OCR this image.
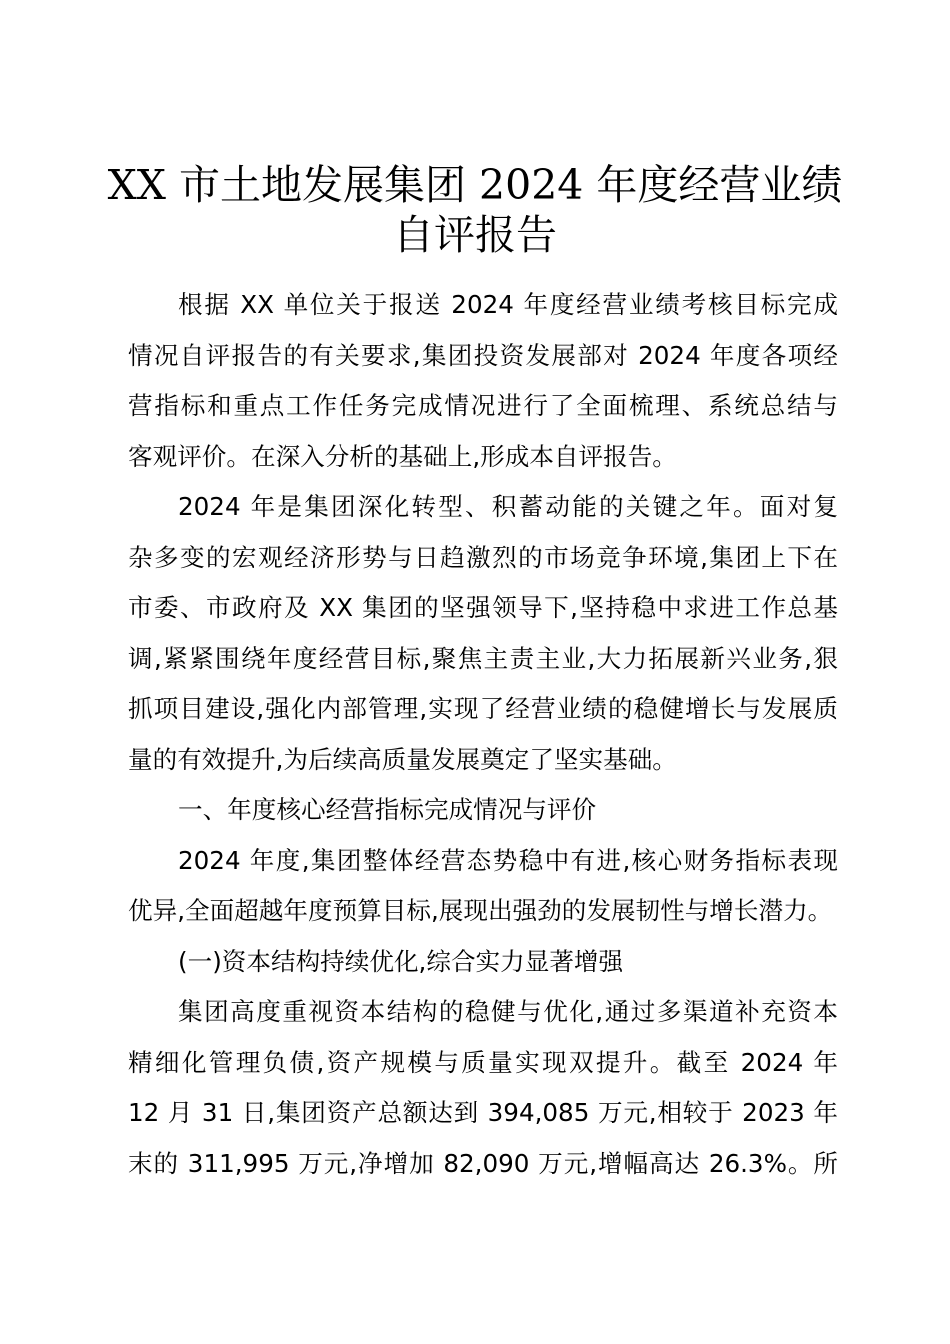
XX 市土地发展集团 2024 年度经营业绩
自评报告
根据 XX 单位关于报送 2024 年度经营业绩考核目标完成
情况自评报告的有关要求,集团投资发展部对 2024 年度各项经
营指标和重点工作任务完成情况进行了全面梳理、系统总结与
客观评价。在深入分析的基础上,形成本自评报告。
2024 年是集团深化转型、积蓄动能的关键之年。面对复
杂多变的宏观经济形势与日趋激烈的市场竞争环境,集团上下在
市委、市政府及 XX 集团的坚强领导下,坚持稳中求进工作总基
调,紧紧围绕年度经营目标,聚焦主责主业,大力拓展新兴业务,狠
抓项目建设,强化内部管理,实现了经营业绩的稳健增长与发展质
量的有效提升,为后续高质量发展奠定了坚实基础。
一、年度核心经营指标完成情况与评价
2024 年度,集团整体经营态势稳中有进,核心财务指标表现
优异,全面超越年度预算目标,展现出强劲的发展韧性与增长潜力。
(一)资本结构持续优化,综合实力显著增强
集团高度重视资本结构的稳健与优化,通过多渠道补充资本
精细化管理负债,资产规模与质量实现双提升。截至 2024 年
12 月 31 日,集团资产总额达到 394,085 万元,相较于 2023 年
末的 311,995 万元,净增加 82,090 万元,增幅高达 26.3%。所
